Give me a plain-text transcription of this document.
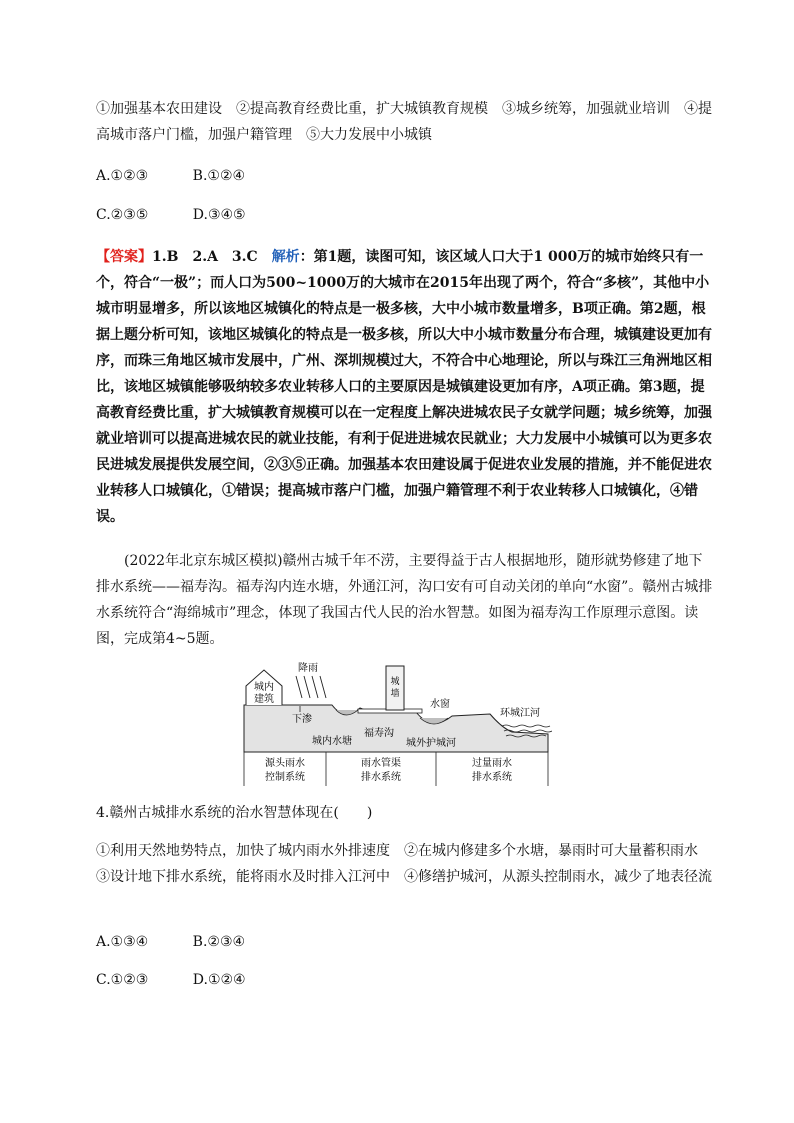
①加强基本农田建设　②提高教育经费比重，扩大城镇教育规模　③城乡统筹，加强就业培训　④提高城市落户门槛，加强户籍管理　⑤大力发展中小城镇
A.①②③	B.①②④
C.②③⑤	D.③④⑤
【答案】1.B　2.A　3.C　解析：第1题，读图可知，该区域人口大于1 000万的城市始终只有一个，符合“一极”；而人口为500~1000万的大城市在2015年出现了两个，符合“多核”，其他中小城市明显增多，所以该地区城镇化的特点是一极多核，大中小城市数量增多，B项正确。第2题，根据上题分析可知，该地区城镇化的特点是一极多核，所以大中小城市数量分布合理，城镇建设更加有序，而珠三角地区城市发展中，广州、深圳规模过大，不符合中心地理论，所以与珠江三角洲地区相比，该地区城镇能够吸纳较多农业转移人口的主要原因是城镇建设更加有序，A项正确。第3题，提高教育经费比重，扩大城镇教育规模可以在一定程度上解决进城农民子女就学问题；城乡统筹，加强就业培训可以提高进城农民的就业技能，有利于促进进城农民就业；大力发展中小城镇可以为更多农民进城发展提供发展空间，②③⑤正确。加强基本农田建设属于促进农业发展的措施，并不能促进农业转移人口城镇化，①错误；提高城市落户门槛，加强户籍管理不利于农业转移人口城镇化，④错误。
(2022年北京东城区模拟)赣州古城千年不涝，主要得益于古人根据地形，随形就势修建了地下排水系统——福寿沟。福寿沟内连水塘，外通江河，沟口安有可自动关闭的单向“水窗”。赣州古城排水系统符合“海绵城市”理念，体现了我国古代人民的治水智慧。如图为福寿沟工作原理示意图。读图，完成第4~5题。
城内
建筑
降雨
下渗
城
墙
水窗
环城江河
城内水塘
福寿沟
城外护城河
源头雨水
控制系统
雨水管渠
排水系统
过量雨水
排水系统
4.赣州古城排水系统的治水智慧体现在(　　)
①利用天然地势特点，加快了城内雨水外排速度　②在城内修建多个水塘，暴雨时可大量蓄积雨水　③设计地下排水系统，能将雨水及时排入江河中　④修缮护城河，从源头控制雨水，减少了地表径流
A.①③④	B.②③④
C.①②③	D.①②④
